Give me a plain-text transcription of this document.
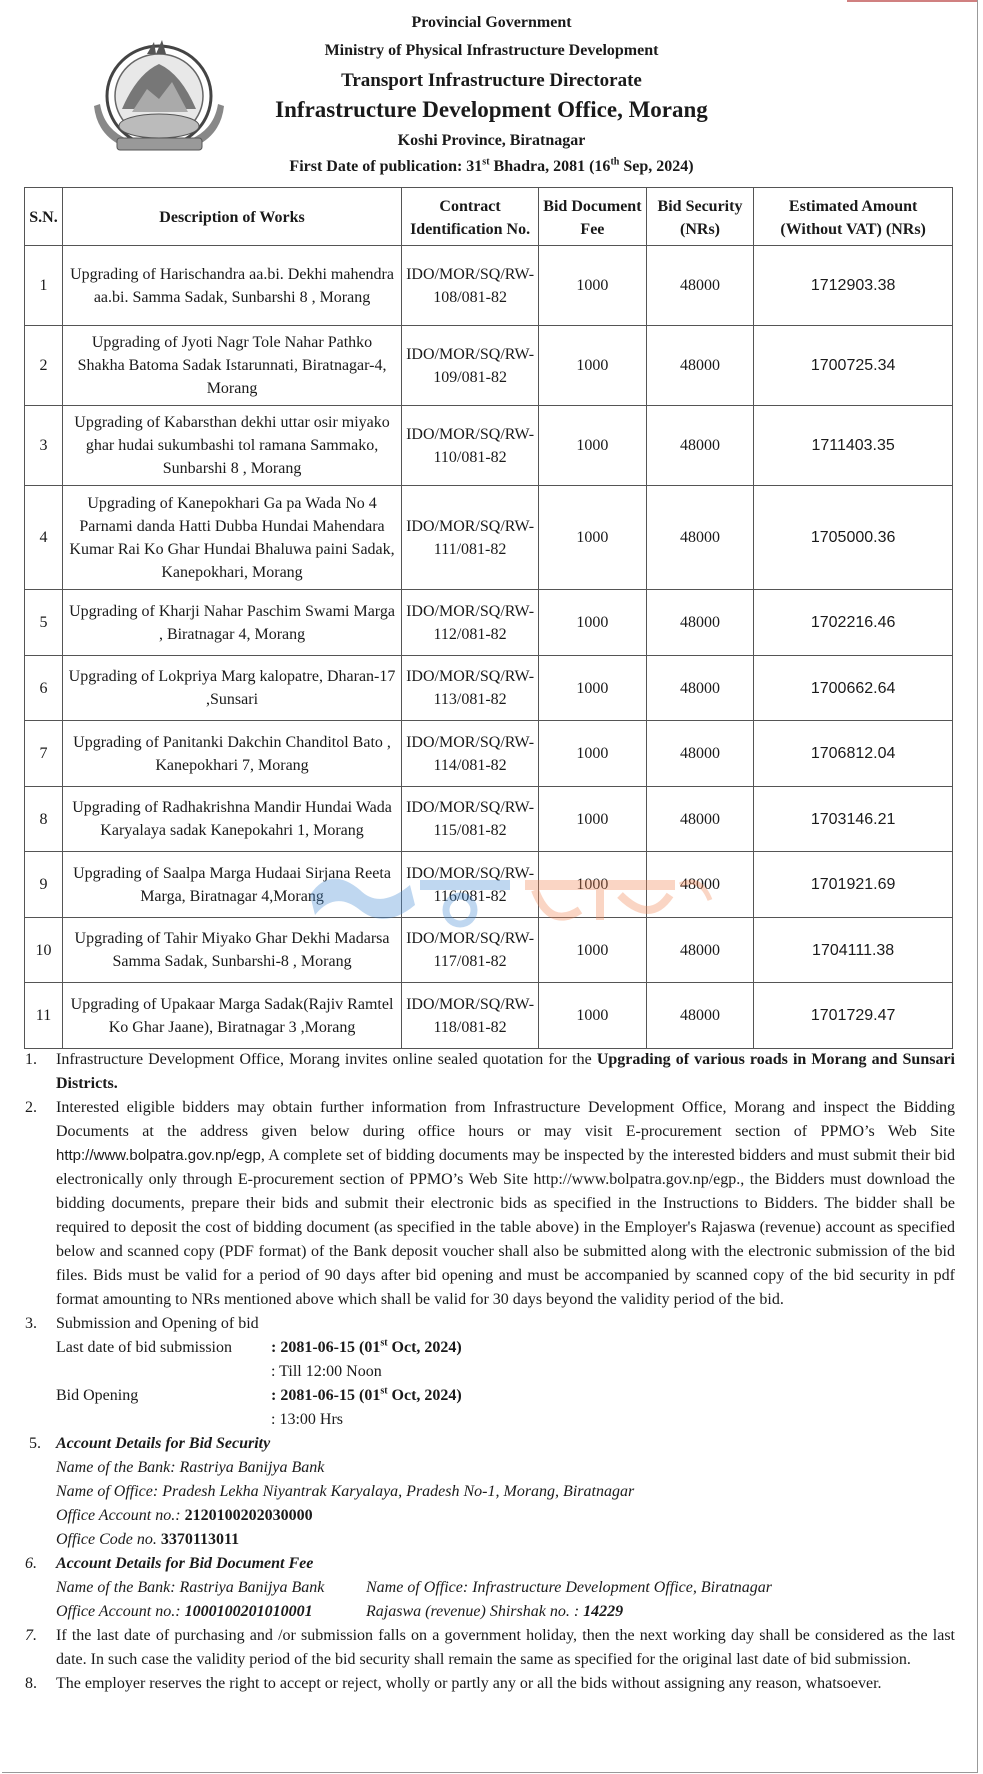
Provincial Government
Ministry of Physical Infrastructure Development
Transport Infrastructure Directorate
Infrastructure Development Office, Morang
Koshi Province, Biratnagar
First Date of publication: 31st Bhadra, 2081 (16th Sep, 2024)
S.N.	Description of Works	Contract Identification No.	Bid Document Fee	Bid Security (NRs)	Estimated Amount (Without VAT) (NRs)
1	Upgrading of Harischandra aa.bi. Dekhi mahendra aa.bi. Samma Sadak, Sunbarshi 8 , Morang	IDO/MOR/SQ/RW-108/081-82	1000	48000	1712903.38
2	Upgrading of Jyoti Nagr Tole Nahar Pathko Shakha Batoma Sadak Istarunnati, Biratnagar-4, Morang	IDO/MOR/SQ/RW-109/081-82	1000	48000	1700725.34
3	Upgrading of Kabarsthan dekhi uttar osir miyako ghar hudai sukumbashi tol ramana Sammako, Sunbarshi 8 , Morang	IDO/MOR/SQ/RW-110/081-82	1000	48000	1711403.35
4	Upgrading of Kanepokhari Ga pa Wada No 4 Parnami danda Hatti Dubba Hundai Mahendara Kumar Rai Ko Ghar Hundai Bhaluwa paini Sadak, Kanepokhari, Morang	IDO/MOR/SQ/RW-111/081-82	1000	48000	1705000.36
5	Upgrading of Kharji Nahar Paschim Swami Marga , Biratnagar 4, Morang	IDO/MOR/SQ/RW-112/081-82	1000	48000	1702216.46
6	Upgrading of Lokpriya Marg kalopatre, Dharan-17 ,Sunsari	IDO/MOR/SQ/RW-113/081-82	1000	48000	1700662.64
7	Upgrading of Panitanki Dakchin Chanditol Bato , Kanepokhari 7, Morang	IDO/MOR/SQ/RW-114/081-82	1000	48000	1706812.04
8	Upgrading of Radhakrishna Mandir Hundai Wada Karyalaya sadak Kanepokahri 1, Morang	IDO/MOR/SQ/RW-115/081-82	1000	48000	1703146.21
9	Upgrading of Saalpa Marga Hudaai Sirjana Reeta Marga, Biratnagar 4,Morang	IDO/MOR/SQ/RW-116/081-82	1000	48000	1701921.69
10	Upgrading of Tahir Miyako Ghar Dekhi Madarsa Samma Sadak, Sunbarshi-8 , Morang	IDO/MOR/SQ/RW-117/081-82	1000	48000	1704111.38
11	Upgrading of Upakaar Marga Sadak(Rajiv Ramtel Ko Ghar Jaane), Biratnagar 3 ,Morang	IDO/MOR/SQ/RW-118/081-82	1000	48000	1701729.47
1. Infrastructure Development Office, Morang invites online sealed quotation for the Upgrading of various roads in Morang and Sunsari Districts.
2. Interested eligible bidders may obtain further information from Infrastructure Development Office, Morang and inspect the Bidding Documents at the address given below during office hours or may visit E-procurement section of PPMO’s Web Site http://www.bolpatra.gov.np/egp, A complete set of bidding documents may be inspected by the interested bidders and must submit their bid electronically only through E-procurement section of PPMO’s Web Site http://www.bolpatra.gov.np/egp., the Bidders must download the bidding documents, prepare their bids and submit their electronic bids as specified in the Instructions to Bidders. The bidder shall be required to deposit the cost of bidding document (as specified in the table above) in the Employer's Rajaswa (revenue) account as specified below and scanned copy (PDF format) of the Bank deposit voucher shall also be submitted along with the electronic submission of the bid files. Bids must be valid for a period of 90 days after bid opening and must be accompanied by scanned copy of the bid security in pdf format amounting to NRs mentioned above which shall be valid for 30 days beyond the validity period of the bid.
3. Submission and Opening of bid
Last date of bid submission	: 2081-06-15 (01st Oct, 2024)
: Till 12:00 Noon
Bid Opening	: 2081-06-15 (01st Oct, 2024)
: 13:00 Hrs
5. Account Details for Bid Security
Name of the Bank: Rastriya Banijya Bank
Name of Office: Pradesh Lekha Niyantrak Karyalaya, Pradesh No-1, Morang, Biratnagar
Office Account no.: 2120100202030000
Office Code no. 3370113011
6. Account Details for Bid Document Fee
Name of the Bank: Rastriya Banijya Bank	Name of Office: Infrastructure Development Office, Biratnagar
Office Account no.: 1000100201010001	Rajaswa (revenue) Shirshak no. : 14229
7. If the last date of purchasing and /or submission falls on a government holiday, then the next working day shall be considered as the last date. In such case the validity period of the bid security shall remain the same as specified for the original last date of bid submission.
8. The employer reserves the right to accept or reject, wholly or partly any or all the bids without assigning any reason, whatsoever.
